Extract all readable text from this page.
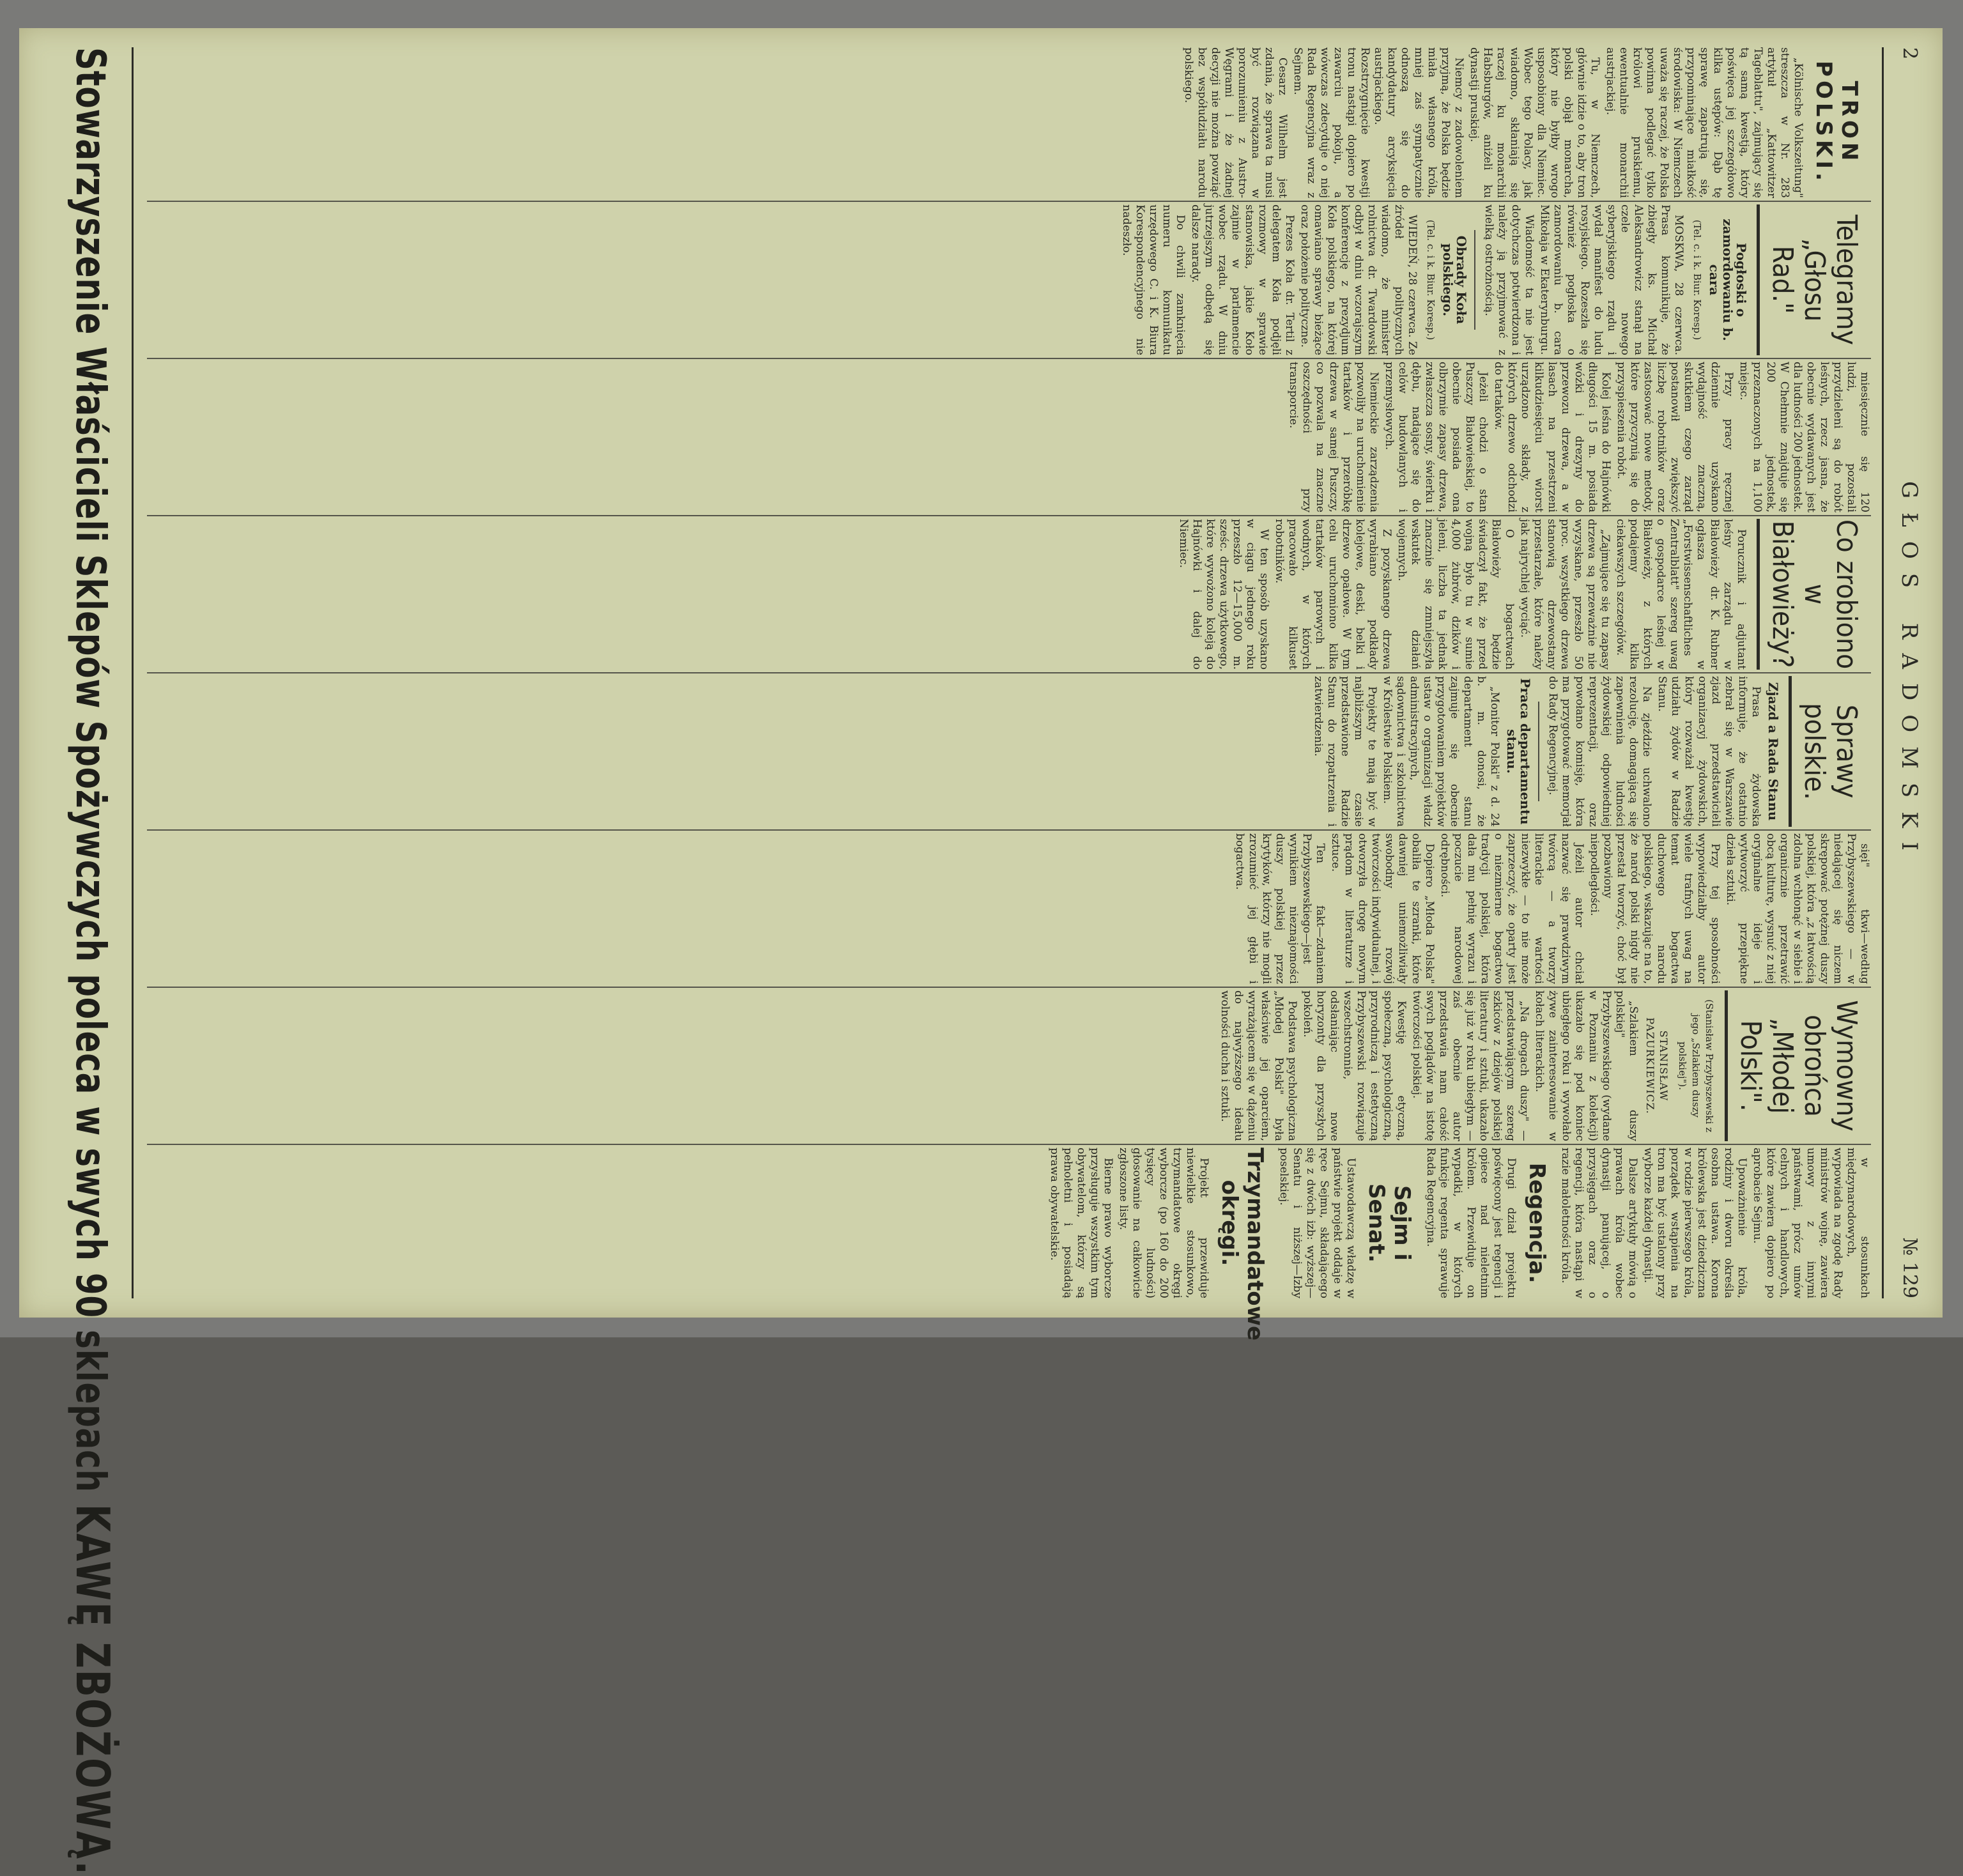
2
GŁOS RADOMSKI
№ 129
TRON POLSKI.

„Kölnische Volkszeitung" streszcza w Nr. 283 artykuł „Kattowitzer Tageblattu", zajmujący się tą samą kwestją, który poświęca jej szczegółowo kilka ustępów: Dąb tę sprawę zapatrują się, przypominające miałkość środowiska: W Niemczech uważa się raczej, że Polska powinna podlegać tylko królowi pruskiemu, ewentualnie monarchii austrjackiej.

Tu, w Niemczech, głównie idzie o to, aby tron polski objął monarcha, który nie byłby wrogo usposobiony dla Niemiec. Wobec tego Polacy, jak wiadomo, skłaniają się raczej ku monarchii Habsburgów, aniżeli ku dynastji pruskiej.

Niemcy z zadowoleniem przyjmą, że Polska będzie miała własnego króla, mniej zaś sympatycznie odnoszą się do kandydatury arcyksięcia austrjackiego. Rozstrzygnięcie kwestji tronu nastąpi dopiero po zawarciu pokoju, a wówczas zdecyduje o niej Rada Regencyjna wraz z Sejmem.

Cesarz Wilhelm jest zdania, że sprawa ta musi być rozwiązana w porozumieniu z Austro-Węgrami i że żadnej decyzji nie można powziąć bez współudziału narodu polskiego.

Telegramy „Głosu Rad."
Pogłoski o zamordowaniu b. cara
(Tel. c. i k. Biur. Koresp.)

MOSKWA, 28 czerwca. Prasa komunikuje, że zbiegły ks. Michał Aleksandrowicz stanął na czele nowego syberyjskiego rządu i wydał manifest do ludu rosyjskiego. Rozeszła się również pogłoska o zamordowaniu b. cara Mikołaja w Ekaterynburgu.

Wiadomość ta nie jest dotychczas potwierdzona i należy ją przyjmować z wielką ostrożnością.

Obrady Koła polskiego.
(Tel. c. i k. Biur. Koresp.)

WIEDEŃ, 28 czerwca. Ze źródeł politycznych wiadomo, że minister rolnictwa dr. Twardowski odbył w dniu wczorajszym konferencję z prezydjum Koła polskiego, na której omawiano sprawy bieżące oraz położenie polityczne.

Prezes Koła dr. Tertil z delegatem Koła podjęli rozmowy w sprawie stanowiska, jakie Koło zajmie w parlamencie wobec rządu. W dniu jutrzejszym odbędą się dalsze narady.

Do chwili zamknięcia numeru komunikatu urzędowego C. i K. Biura Korespondencyjnego nie nadeszło.

miesięcznie się 120 ludzi, pozostali przydzieleni są do robót leśnych, rzecz jasna, że obecnie wydawanych jest dla ludności 200 jednostek. W Chełmnie znajduje się 200 jednostek, przeznaczonych na 1,100 miejsc.

Przy pracy ręcznej dziennie uzyskano wydajność znaczną, skutkiem czego zarząd postanowił zwiększyć liczbę robotników oraz zastosować nowe metody, które przyczynią się do przyspieszenia robót.

Kolej leśna do Hajnówki długości 15 m. posiada wózki i drezyny do przewozu drzewa, a w lasach na przestrzeni kilkudziesięciu wiorst urządzono składy, z których drzewo odchodzi do tartaków.

Jeżeli chodzi o stan Puszczy Białowieskiej, to obecnie posiada ona olbrzymie zapasy drzewa, zwłaszcza sosny, świerku i dębu, nadające się do celów budowlanych i przemysłowych.

Niemieckie zarządzenia pozwoliły na uruchomienie tartaków i przeróbkę drzewa w samej Puszczy, co pozwala na znaczne oszczędności przy transporcie.

Co zrobiono w Białowieży?

Porucznik i adjutant leśny zarządu w Białowieży dr. K. Rubner ogłasza w „Forstwissenschaftliches Zentralblatt" szereg uwag o gospodarce leśnej w Białowieży, z których podajemy kilka ciekawszych szczegółów.

„Zajmujące się tu zapasy drzewa są przeważnie nie wyzyskane, przeszło 50 proc. wszystkiego drzewa stanowią drzewostany przestarzałe, które należy jak najrychlej wyciąć.

O bogactwach Białowieży będzie świadczył fakt, że przed wojną było tu w sumie 4,000 żubrów, dzików i jeleni, liczba ta jednak znacznie się zmniejszyła wskutek działań wojennych.

Z pozyskanego drzewa wyrabiano podkłady kolejowe, deski, belki i drzewo opałowe. W tym celu uruchomiono kilka tartaków parowych i wodnych, w których pracowało kilkuset robotników.

W ten sposób uzyskano w ciągu jednego roku przeszło 12—15,000 m. sześc. drzewa użytkowego, które wywożono koleją do Hajnówki i dalej do Niemiec.

Sprawy polskie.
Zjazd a Rada Stanu

Prasa żydowska informuje, że ostatnio zebrał się w Warszawie zjazd przedstawicieli organizacyj żydowskich, który rozważał kwestję udziału żydów w Radzie Stanu.

Na zjeździe uchwalono rezolucję, domagającą się zapewnienia ludności żydowskiej odpowiedniej reprezentacji, oraz powołano komisję, która ma przygotować memorjał do Rady Regencyjnej.

Praca departamentu stanu.

„Monitor Polski" z d. 24 b. m. donosi, że departament stanu zajmuje się obecnie przygotowaniem projektów ustaw o organizacji władz administracyjnych, sądownictwa i szkolnictwa w Królestwie Polskiem.

Projekty te mają być w najbliższym czasie przedstawione Radzie Stanu do rozpatrzenia i zatwierdzenia.

sięi" tkwi—według Przybyszewskiego — w niedającej się niczem skrępować potężnej duszy polskiej, która „z łatwością zdolna wchłonąć w siebie i organicznie przetrawić obcą kulturę, wysnuć z niej oryginalne ideje i wytworzyć przepiękne dzieła sztuki.

Przy tej sposobności wypowiedziałby autor wiele trafnych uwag na temat bogactwa duchowego narodu polskiego, wskazując na to, że naród polski nigdy nie przestał tworzyć, choć był pozbawiony niepodległości.

Jeżeli autor chciał nazwać się prawdziwym twórcą — a tworzy literackie wartości niezwykłe — to nie może zaprzeczyć, że oparty jest o niezmierne bogactwo tradycji polskiej, która dała mu pełnię wyrazu i poczucie narodowej odrębności.

Dopiero „Młoda Polska" obaliła te szranki, które dawniej uniemożliwiały swobodny rozwój twórczości indywidualnej, i otworzyła drogę nowym prądom w literaturze i sztuce.

Ten fakt—zdaniem Przybyszewskiego—jest wynikiem nieznajomości duszy polskiej przez krytyków, którzy nie mogli zrozumieć jej głębi i bogactwa.

Wymowny obrońca „Młodej Polski".
(Stanisław Przybyszewski z jego „Szlakiem duszy polskiej").
STANISŁAW PAZURKIEWICZ.

„Szlakiem duszy polskiej" Przybyszewskiego (wydane w Poznaniu z kolekcji) ukazało się pod koniec ubiegłego roku i wywołało żywe zainteresowanie w kołach literackich.

„Na drogach duszy" — przedstawiającym szereg szkiców z dziejów polskiej literatury i sztuki, ukazało się już w roku ubiegłym — zaś obecnie autor przedstawia nam całość swych poglądów na istotę twórczości polskiej.

Kwestję etyczną, społeczną, psychologiczną, przyrodniczą i estetyczną Przybyszewski rozwiązuje wszechstronnie, odsłaniając nowe horyzonty dla przyszłych pokoleń.

Podstawa psychologiczna „Młodej Polski" była właściwie jej oparciem, wyrażającem się w dążeniu do najwyższego ideału wolności ducha i sztuki.

w stosunkach międzynarodowych, wypowiada na zgodę Rady ministrów wojnę, zawiera umowy z innymi państwami, prócz umów celnych i handlowych, które zawiera dopiero po aprobacie Sejmu.

Upoważnienie króla, rodziny i dworu określa osobna ustawa. Korona królewska jest dziedziczna w rodzie pierwszego króla, porządek wstąpienia na tron ma być ustalony przy wyborze każdej dynastji.

Dalsze artykuły mówią o prawach króla wobec dynastji panującej, o przysięgach oraz o regencji, która nastąpi w razie małoletności króla.

Regencja.

Drugi dział projektu poświęcony jest regencji i opiece nad nieletnim królem. Przewiduje on wypadki, w których funkcje regenta sprawuje Rada Regencyjna.

Sejm i Senat.

Ustawodawczą władzę w państwie projekt oddaje w ręce Sejmu, składającego się z dwóch izb: wyższej—Senatu i niższej—Izby poselskiej.

Trzymandatowe okręgi.

Projekt przewiduje niewielkie stosunkowo, trzymandatowe okręgi wyborcze (po 160 do 200 tysięcy ludności) głosowanie na całkowicie zgłoszone listy.

Bierne prawo wyborcze przysługuje wszystkim tym obywatelom, którzy są pełnoletni i posiadają prawa obywatelskie.

Stowarzyszenie Właścicieli Sklepów Spożywczych poleca w swych 90 sklepach KAWĘ ZBOŻOWĄ.
